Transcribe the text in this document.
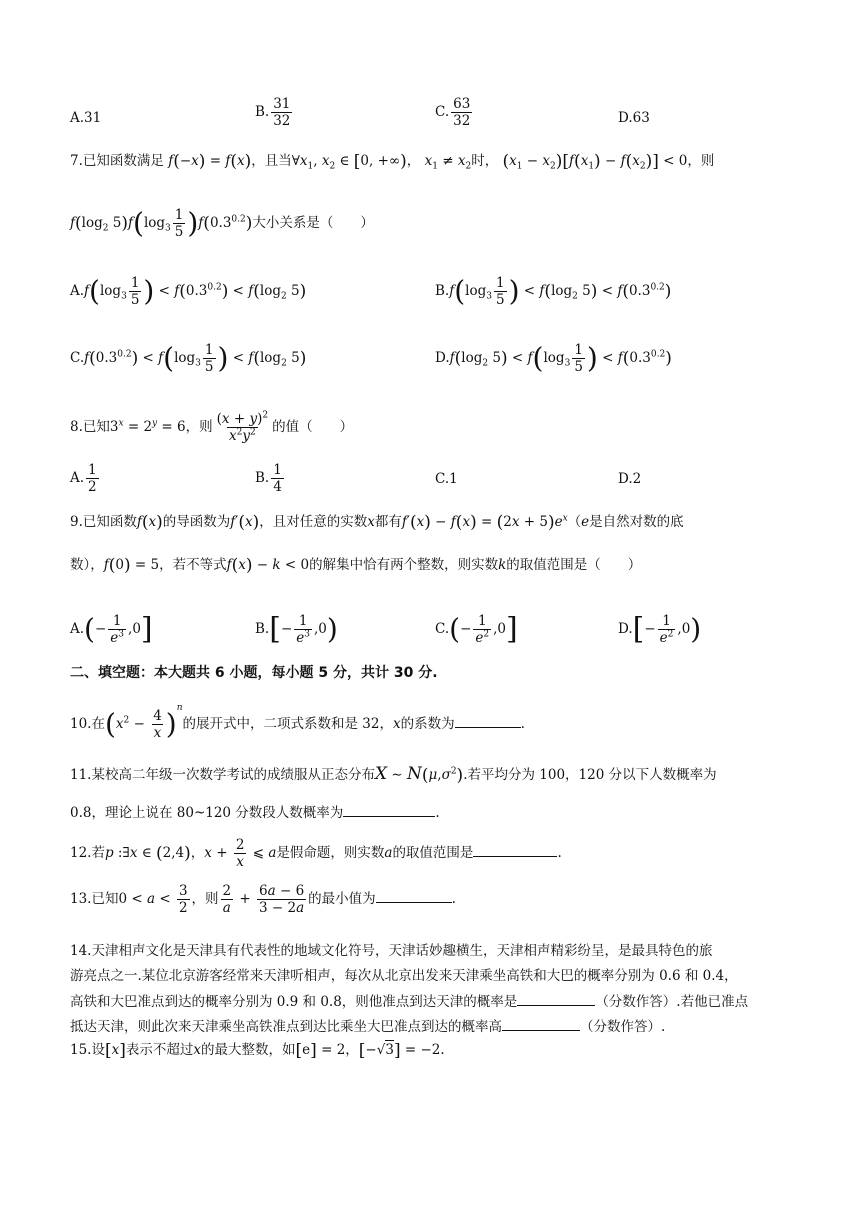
A.31	B. $\frac{31}{32}$	C. $\frac{63}{32}$	D.63
7.已知函数满足 f(−x) = f(x)，且当$\forall x_1$, $x_2$ ∈ [0, +∞)， $x_1 \ne x_2$时， $(x_1 - x_2)[f(x_1) - f(x_2)] < 0$，则
$f(\log_2$ $5)f(\log_3 \frac{1}{5} )f(0.3^{0.2})$大小关系是（　　）
$A.f(\log_3 \frac{1}{5}$ ) < $f(0.3^{0.2}) < f(\log_2$ 5)	$B.f(\log_3 \frac{1}{5}$ ) < $f(\log_2$ $5) < f(0.3^{0.2})$
$C.f(0.3^{0.2}) < f(\log_3 \frac{1}{5}$ ) < $f(\log_2$ 5)	$D.f(\log_2$ $5) < f(\log_3 \frac{1}{5}$ ) < $f(0.3^{0.2})$
8.已知$3^x = 2^y = 6$，则 $\frac{(x + y)^2}{x^2y^2}$ 的值（　　）
A. $\frac{1}{2}$	B. $\frac{1}{4}$	C.1	D.2
9.已知函数f(x)的导函数为f′(x)，且对任意的实数x都有$f'(x) - f(x) = (2x + 5)e^x(e$是自然对数的底
数），f(0) = 5，若不等式f(x) − k < 0的解集中恰有两个整数，则实数k的取值范围是（　　）
$A.(- \frac{1}{e^3} ,0]$	$B.[- \frac{1}{e^3} ,0)$	$C.(- \frac{1}{e^2} ,0]$	$D.[- \frac{1}{e^2} ,0)$
二、填空题：本大题共 6 小题，每小题 5 分，共计 30 分.
10.在$(x^2 - \frac{4}{x} )^n$的展开式中，二项式系数和是 32，x的系数为	.
11.某校高二年级一次数学考试的成绩服从正态分布X ∼ $N(\mu,\sigma^2)$.若平均分为 100，120 分以下人数概率为
0.8，理论上说在 80~120 分数段人数概率为	.
12.若p :∃x ∈ (2,4)，$x + \frac{2}{x}$ ⩽ a是假命题，则实数a的取值范围是	.
13.已知$0 < a < \frac{3}{2}$ ，则 $\frac{2}{a} + \frac{6a - 6}{3 - 2a}$ 的最小值为	.
14.天津相声文化是天津具有代表性的地域文化符号，天津话妙趣横生，天津相声精彩纷呈，是最具特色的旅
游亮点之一.某位北京游客经常来天津听相声，每次从北京出发来天津乘坐高铁和大巴的概率分别为 0.6 和 0.4，
高铁和大巴准点到达的概率分别为 0.9 和 0.8，则他准点到达天津的概率是	（分数作答）.若他已准点
抵达天津，则此次来天津乘坐高铁准点到达比乘坐大巴准点到达的概率高	（分数作答）.
15.设[x]表示不超过x的最大整数，如[e] = 2，[−√3] = −2.
